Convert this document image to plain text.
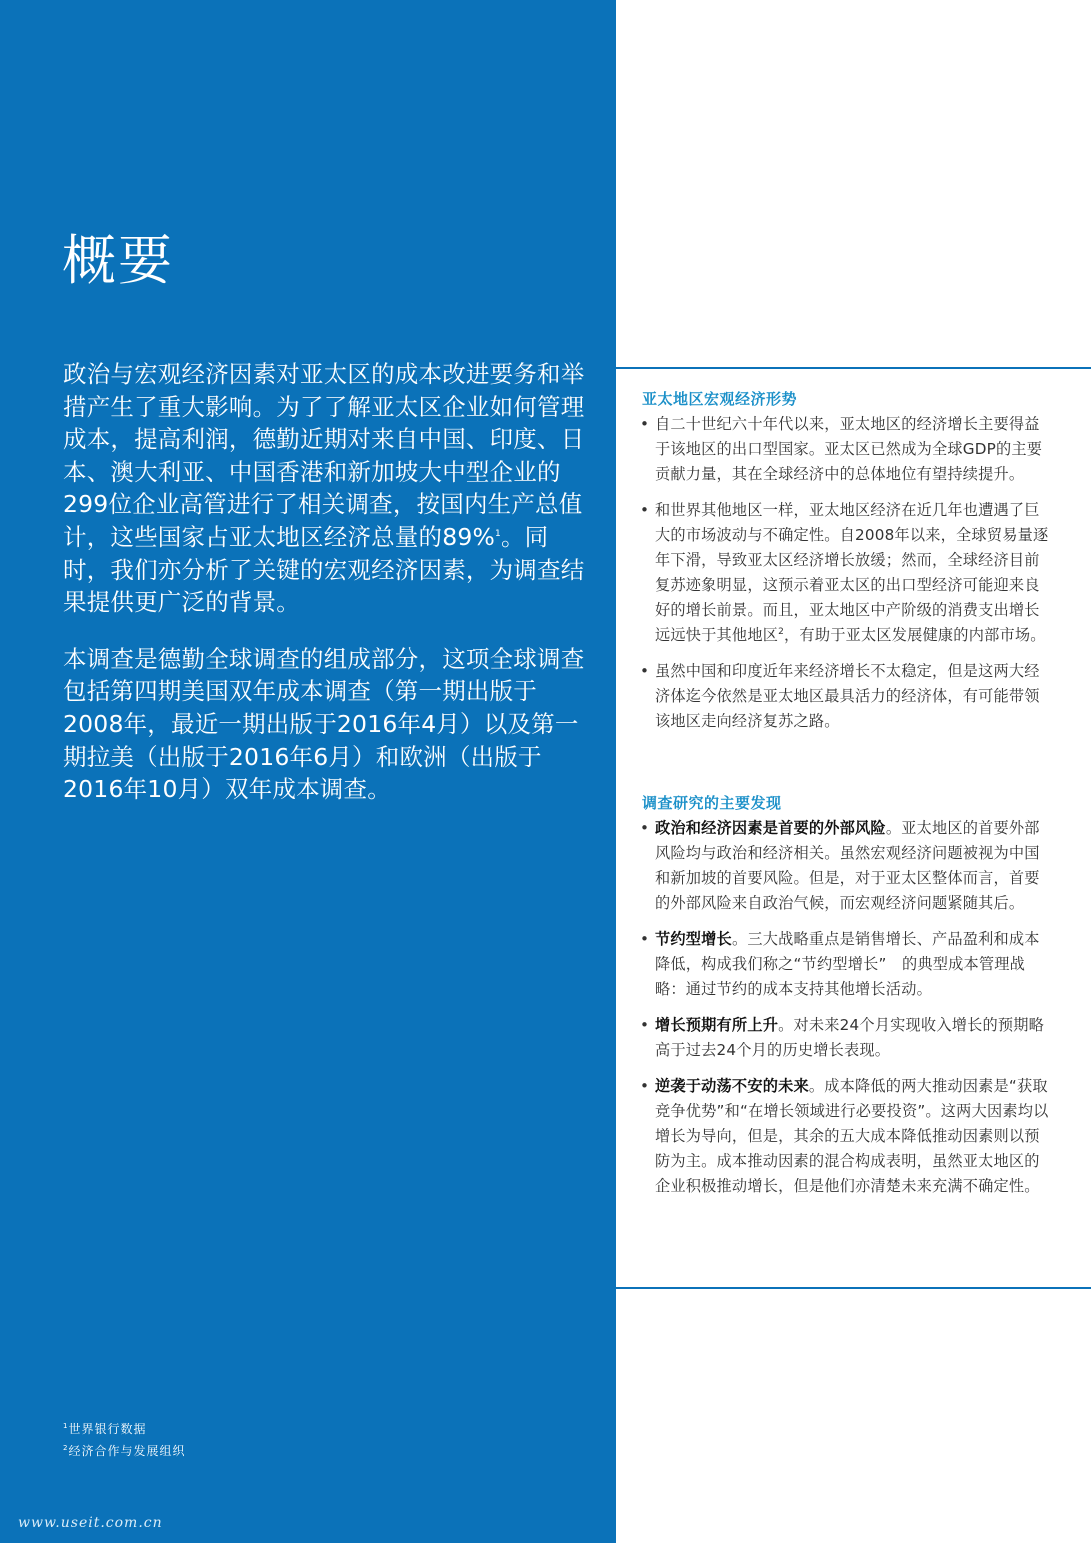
概要

政治与宏观经济因素对亚太区的成本改进要务和举措产生了重大影响。为了了解亚太区企业如何管理成本，提高利润，德勤近期对来自中国、印度、日本、澳大利亚、中国香港和新加坡大中型企业的299位企业高管进行了相关调查，按国内生产总值计，这些国家占亚太地区经济总量的89%$^1$。同时，我们亦分析了关键的宏观经济因素，为调查结果提供更广泛的背景。

本调查是德勤全球调查的组成部分，这项全球调查包括第四期美国双年成本调查（第一期出版于2008年，最近一期出版于2016年4月）以及第一期拉美（出版于2016年6月）和欧洲（出版于2016年10月）双年成本调查。

$^1$世界银行数据
$^2$经济合作与发展组织
www.useit.com.cn
亚太地区宏观经济形势
• 自二十世纪六十年代以来，亚太地区的经济增长主要得益于该地区的出口型国家。亚太区已然成为全球GDP的主要贡献力量，其在全球经济中的总体地位有望持续提升。
• 和世界其他地区一样，亚太地区经济在近几年也遭遇了巨大的市场波动与不确定性。自2008年以来，全球贸易量逐年下滑，导致亚太区经济增长放缓；然而，全球经济目前复苏迹象明显，这预示着亚太区的出口型经济可能迎来良好的增长前景。而且，亚太地区中产阶级的消费支出增长远远快于其他地区$^2$，有助于亚太区发展健康的内部市场。
• 虽然中国和印度近年来经济增长不太稳定，但是这两大经济体迄今依然是亚太地区最具活力的经济体，有可能带领该地区走向经济复苏之路。
调查研究的主要发现
• 政治和经济因素是首要的外部风险。亚太地区的首要外部风险均与政治和经济相关。虽然宏观经济问题被视为中国和新加坡的首要风险。但是，对于亚太区整体而言，首要的外部风险来自政治气候，而宏观经济问题紧随其后。
• 节约型增长。三大战略重点是销售增长、产品盈利和成本降低，构成我们称之“节约型增长”　的典型成本管理战略：通过节约的成本支持其他增长活动。
• 增长预期有所上升。对未来24个月实现收入增长的预期略高于过去24个月的历史增长表现。
• 逆袭于动荡不安的未来。成本降低的两大推动因素是“获取竞争优势”和“在增长领域进行必要投资”。这两大因素均以增长为导向，但是，其余的五大成本降低推动因素则以预防为主。成本推动因素的混合构成表明，虽然亚太地区的企业积极推动增长，但是他们亦清楚未来充满不确定性。
